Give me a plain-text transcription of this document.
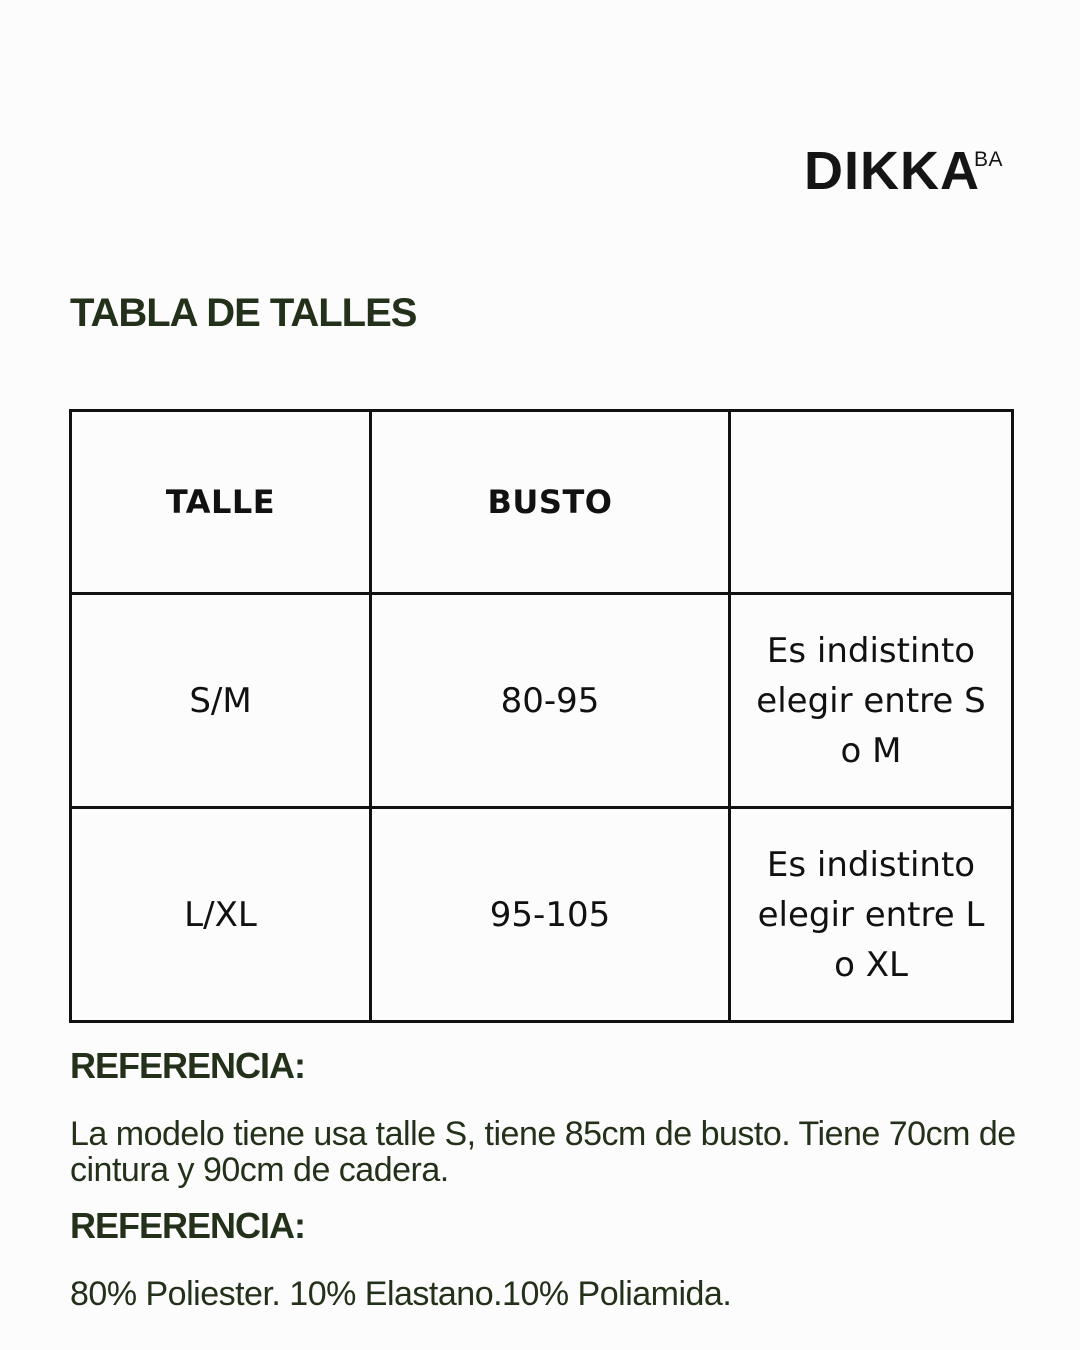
DIKKA
BA
TABLA DE TALLES
TALLE	BUSTO	
S/M	80-95	Es indistinto elegir entre S o M
L/XL	95-105	Es indistinto elegir entre L o XL
REFERENCIA:

La modelo tiene usa talle S, tiene 85cm de busto. Tiene 70cm de cintura y 90cm de cadera.

REFERENCIA:

80% Poliester. 10% Elastano.10% Poliamida.
